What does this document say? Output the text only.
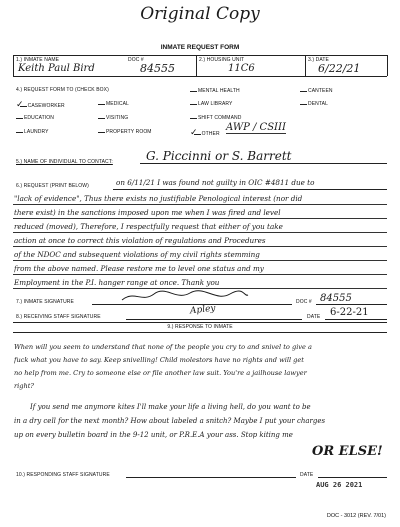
Original Copy
INMATE REQUEST FORM
1.) INMATE NAME	DOC #	2.) HOUSING UNIT	3.) DATE
Keith Paul Bird	84555	11C6	6/22/21
4.) REQUEST FORM TO (CHECK BOX)	MENTAL HEALTH	CANTEEN
✓ CASEWORKER	MEDICAL	LAW LIBRARY	DENTAL
EDUCATION	VISITING	SHIFT COMMAND
LAUNDRY	PROPERTY ROOM	✓ OTHER
AWP / CSIII
5.) NAME OF INDIVIDUAL TO CONTACT:	G. Piccinni or S. Barrett
6.) REQUEST (PRINT BELOW)	on 6/11/21 I was found not guilty in OIC #4811 due to
"lack of evidence", Thus there exists no justifiable Penological interest (nor did
there exist) in the sanctions imposed upon me when I was fired and level
reduced (moved), Therefore, I respectfully request that either of you take
action at once to correct this violation of regulations and Procedures
of the NDOC and subsequent violations of my civil rights stemming
from the above named. Please restore me to level one status and my
Employment in the P.I. hanger range at once. Thank you
7.) INMATE SIGNATURE	DOC # 84555
8.) RECEIVING STAFF SIGNATURE
Apley
DATE 6-22-21
9.) RESPONSE TO INMATE
When will you seem to understand that none of the people you cry to and snivel to give a
fuck what you have to say. Keep snivelling! Child molestors have no rights and will get
no help from me. Cry to someone else or file another law suit. You're a jailhouse lawyer
right?
If you send me anymore kites I'll make your life a living hell, do you want to be
in a dry cell for the next month? How about labeled a snitch? Maybe I put your charges
up on every bulletin board in the 9-12 unit, or P.R.E.A your ass. Stop kiting me
OR ELSE!
10.) RESPONDING STAFF SIGNATURE	DATE
AUG 26 2021
DOC - 3012 (REV. 7/01)
